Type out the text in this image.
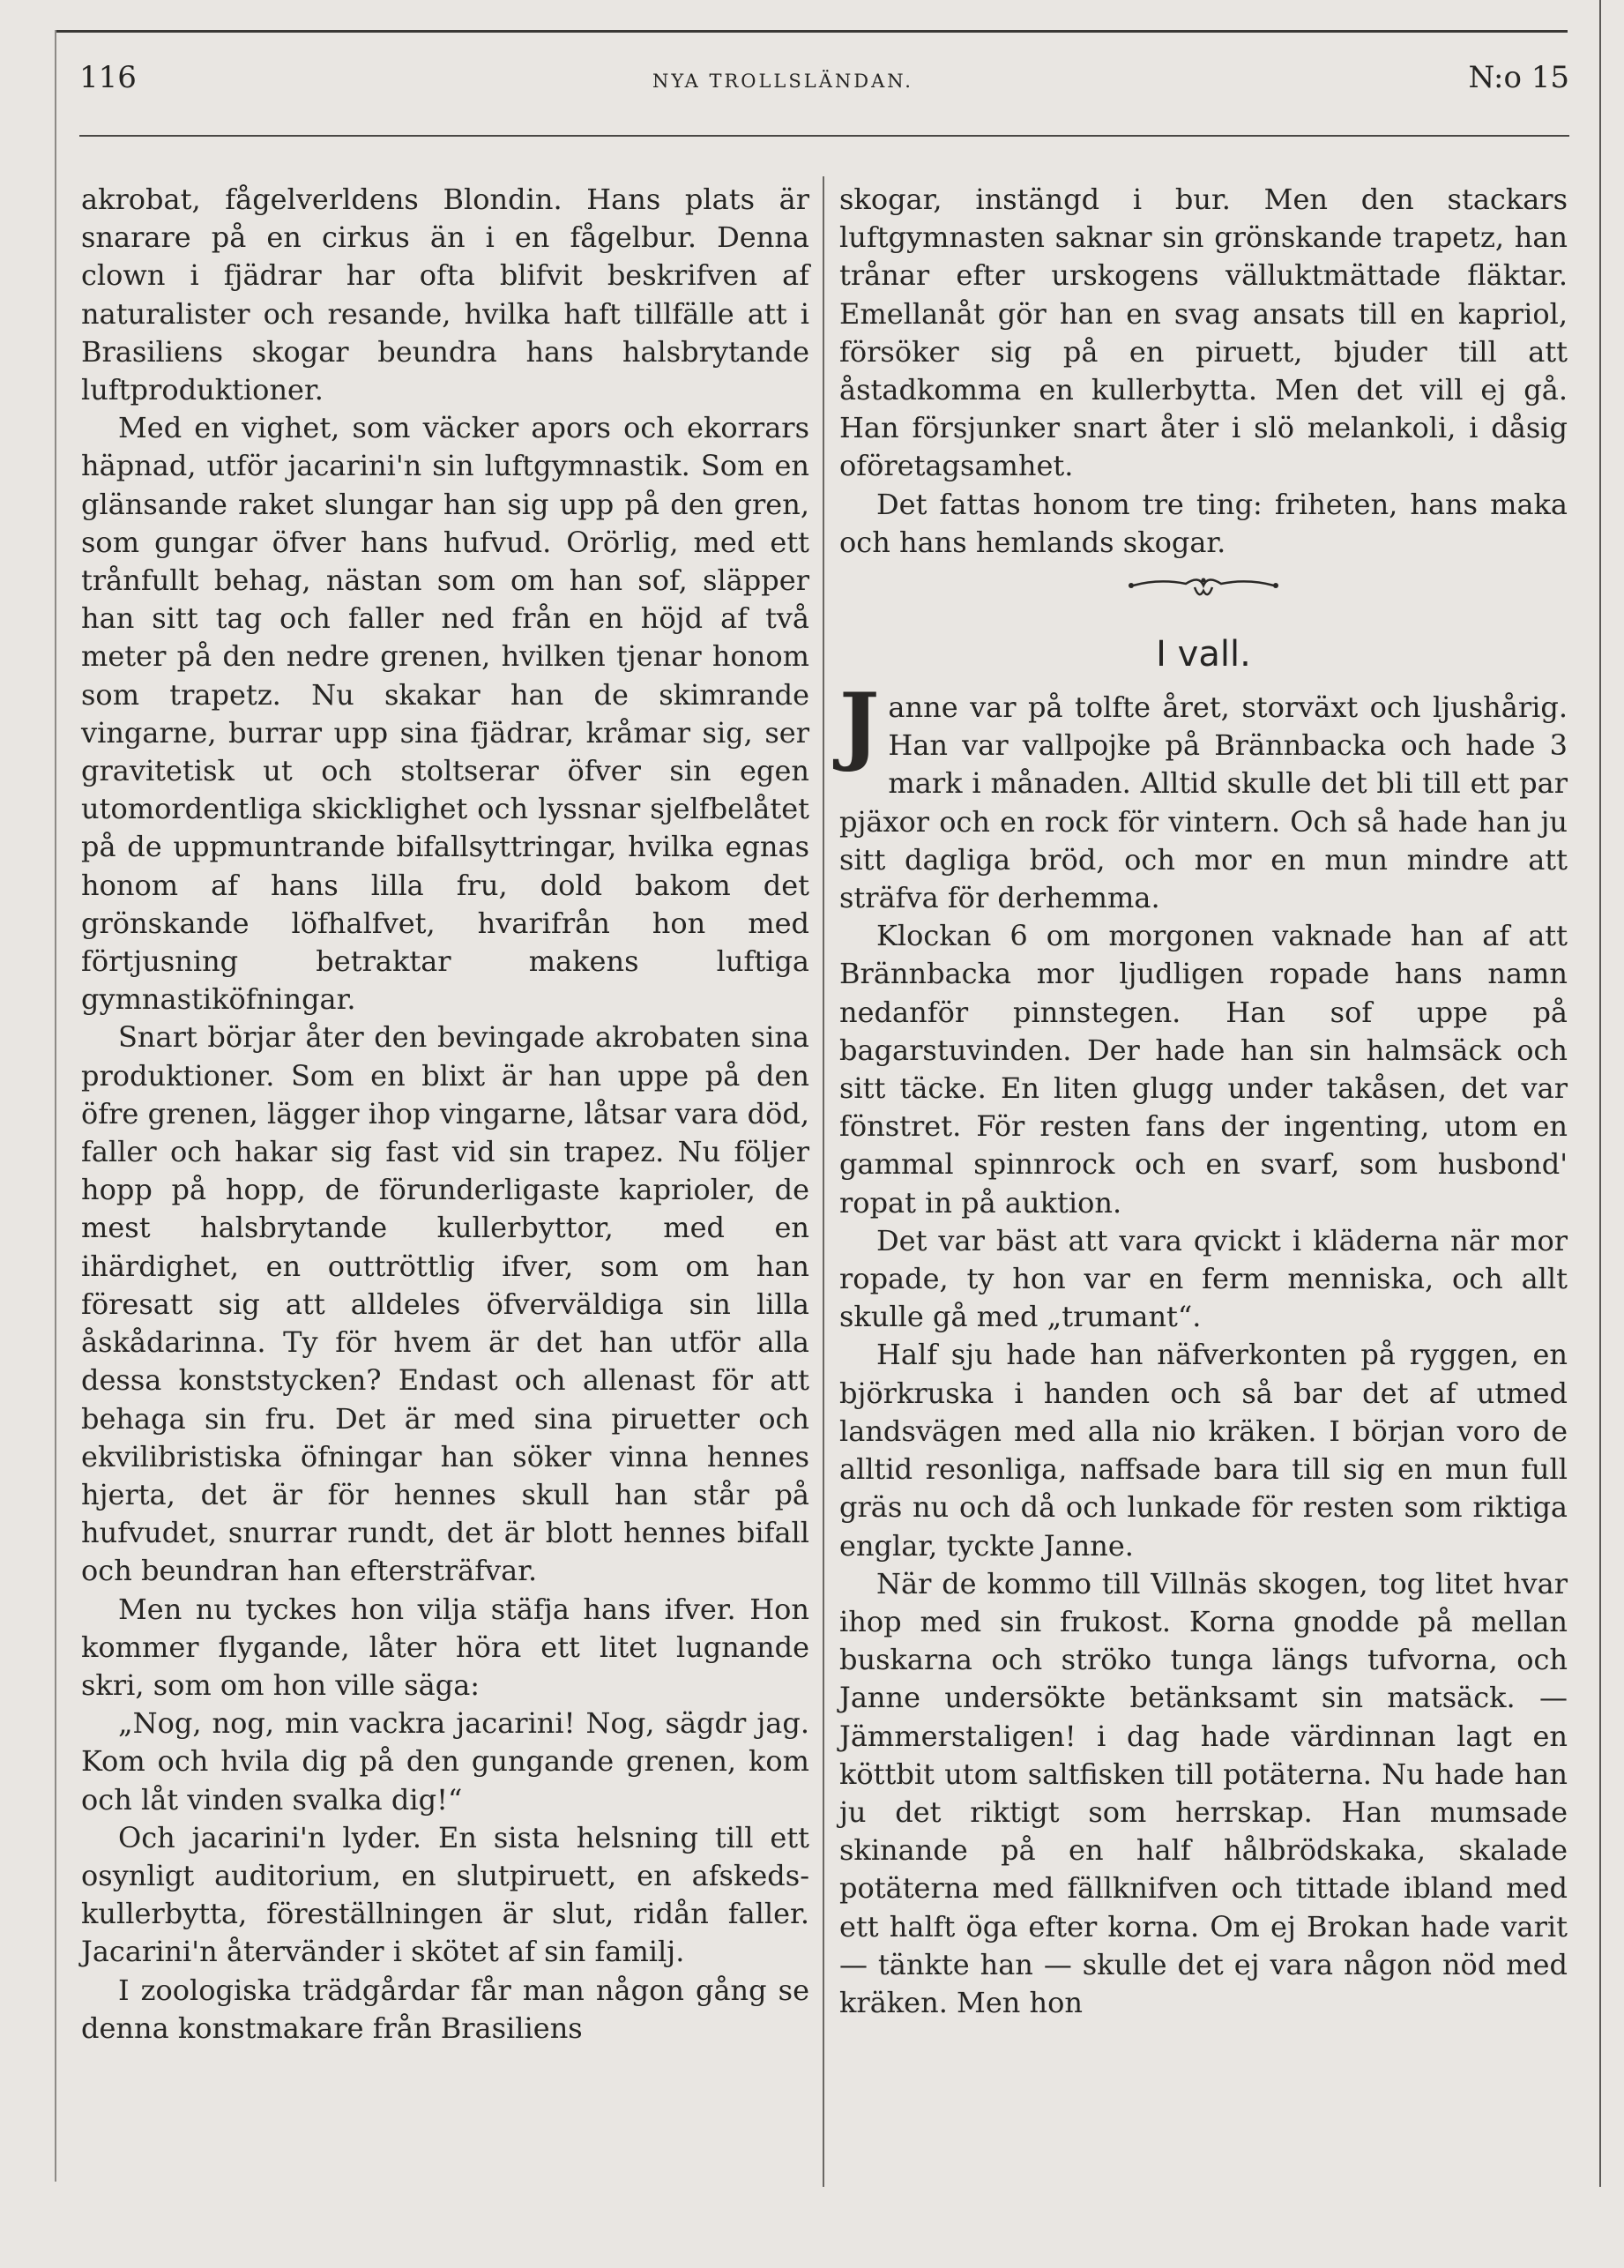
116	NYA TROLLSLÄNDAN.	N:o 15

akrobat, fågelverldens Blondin. Hans plats är snarare på en cirkus än i en fågelbur. Denna clown i fjädrar har ofta blifvit beskrifven af naturalister och resande, hvilka haft tillfälle att i Brasiliens skogar beundra hans halsbrytande luftproduktioner.

Med en vighet, som väcker apors och ekorrars häpnad, utför jacarini'n sin luftgymnastik. Som en glänsande raket slungar han sig upp på den gren, som gungar öfver hans hufvud. Orörlig, med ett trånfullt behag, nästan som om han sof, släpper han sitt tag och faller ned från en höjd af två meter på den nedre grenen, hvilken tjenar honom som trapetz. Nu skakar han de skimrande vingarne, burrar upp sina fjädrar, kråmar sig, ser gravitetisk ut och stoltserar öfver sin egen utomordentliga skicklighet och lyssnar sjelfbelåtet på de uppmuntrande bifallsyttringar, hvilka egnas honom af hans lilla fru, dold bakom det grönskande löfhalfvet, hvarifrån hon med förtjusning betraktar makens luftiga gymnastiköfningar.

Snart börjar åter den bevingade akrobaten sina produktioner. Som en blixt är han uppe på den öfre grenen, lägger ihop vingarne, låtsar vara död, faller och hakar sig fast vid sin trapez. Nu följer hopp på hopp, de förunderligaste kaprioler, de mest halsbrytande kullerbyttor, med en ihärdighet, en outtröttlig ifver, som om han föresatt sig att alldeles öfverväldiga sin lilla åskådarinna. Ty för hvem är det han utför alla dessa konststycken? Endast och allenast för att behaga sin fru. Det är med sina piruetter och ekvilibristiska öfningar han söker vinna hennes hjerta, det är för hennes skull han står på hufvudet, snurrar rundt, det är blott hennes bifall och beundran han eftersträfvar.

Men nu tyckes hon vilja stäfja hans ifver. Hon kommer flygande, låter höra ett litet lugnande skri, som om hon ville säga:

„Nog, nog, min vackra jacarini! Nog, sägdr jag. Kom och hvila dig på den gungande grenen, kom och låt vinden svalka dig!“

Och jacarini'n lyder. En sista helsning till ett osynligt auditorium, en slutpiruett, en afskeds-kullerbytta, föreställningen är slut, ridån faller. Jacarini'n återvänder i skötet af sin familj.

I zoologiska trädgårdar får man någon gång se denna konstmakare från Brasiliens

skogar, instängd i bur. Men den stackars luftgymnasten saknar sin grönskande trapetz, han trånar efter urskogens välluktmättade fläktar. Emellanåt gör han en svag ansats till en kapriol, försöker sig på en piruett, bjuder till att åstadkomma en kullerbytta. Men det vill ej gå. Han försjunker snart åter i slö melankoli, i dåsig oföretagsamhet.

Det fattas honom tre ting: friheten, hans maka och hans hemlands skogar.

I vall.

Janne var på tolfte året, storväxt och ljushårig. Han var vallpojke på Brännbacka och hade 3 mark i månaden. Alltid skulle det bli till ett par pjäxor och en rock för vintern. Och så hade han ju sitt dagliga bröd, och mor en mun mindre att sträfva för derhemma.

Klockan 6 om morgonen vaknade han af att Brännbacka mor ljudligen ropade hans namn nedanför pinnstegen. Han sof uppe på bagarstuvinden. Der hade han sin halmsäck och sitt täcke. En liten glugg under takåsen, det var fönstret. För resten fans der ingenting, utom en gammal spinnrock och en svarf, som husbond' ropat in på auktion.

Det var bäst att vara qvickt i kläderna när mor ropade, ty hon var en ferm menniska, och allt skulle gå med „trumant“.

Half sju hade han näfverkonten på ryggen, en björkruska i handen och så bar det af utmed landsvägen med alla nio kräken. I början voro de alltid resonliga, naffsade bara till sig en mun full gräs nu och då och lunkade för resten som riktiga englar, tyckte Janne.

När de kommo till Villnäs skogen, tog litet hvar ihop med sin frukost. Korna gnodde på mellan buskarna och ströko tunga längs tufvorna, och Janne undersökte betänksamt sin matsäck. — Jämmerstaligen! i dag hade värdinnan lagt en köttbit utom saltfisken till potäterna. Nu hade han ju det riktigt som herrskap. Han mumsade skinande på en half hålbrödskaka, skalade potäterna med fällknifven och tittade ibland med ett halft öga efter korna. Om ej Brokan hade varit — tänkte han — skulle det ej vara någon nöd med kräken. Men hon
